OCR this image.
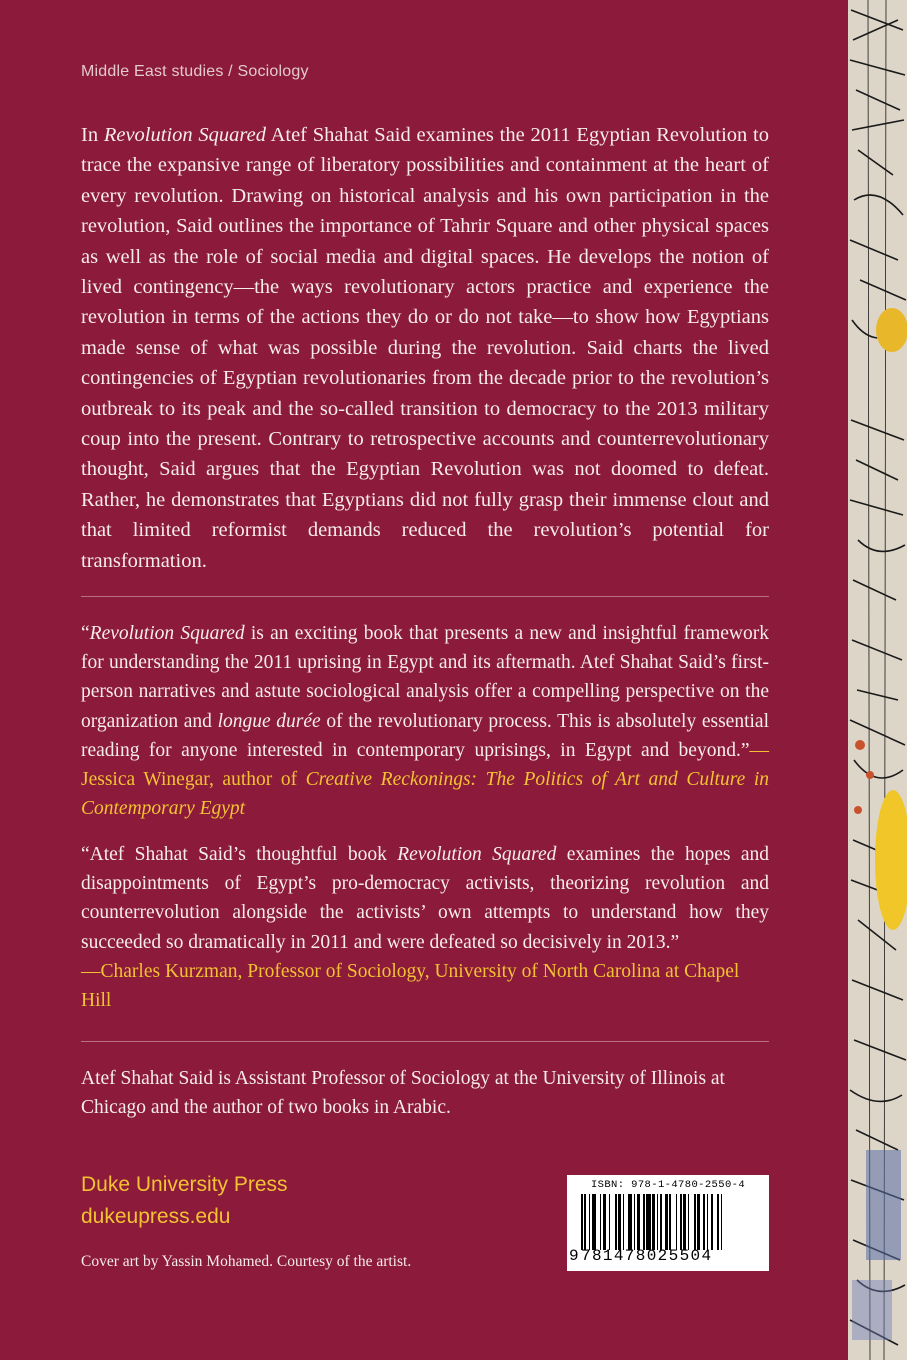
Middle East studies / Sociology

In Revolution Squared Atef Shahat Said examines the 2011 Egyptian Revolution to trace the expansive range of liberatory possibilities and containment at the heart of every revolution. Drawing on historical analysis and his own participation in the revolution, Said outlines the importance of Tahrir Square and other physical spaces as well as the role of social media and digital spaces. He develops the notion of lived contingency—the ways revolutionary actors practice and experience the revolution in terms of the actions they do or do not take—to show how Egyptians made sense of what was possible during the revolution. Said charts the lived contingencies of Egyptian revolutionaries from the decade prior to the revolution’s outbreak to its peak and the so-called transition to democracy to the 2013 military coup into the present. Contrary to retrospective accounts and counterrevolutionary thought, Said argues that the Egyptian Revolution was not doomed to defeat. Rather, he demonstrates that Egyptians did not fully grasp their immense clout and that limited reformist demands reduced the revolution’s potential for transformation.

“Revolution Squared is an exciting book that presents a new and insightful framework for understanding the 2011 uprising in Egypt and its aftermath. Atef Shahat Said’s first-person narratives and astute sociological analysis offer a compelling perspective on the organization and longue durée of the revolutionary process. This is absolutely essential reading for anyone interested in contemporary uprisings, in Egypt and beyond.”—Jessica Winegar, author of Creative Reckonings: The Politics of Art and Culture in Contemporary Egypt

“Atef Shahat Said’s thoughtful book Revolution Squared examines the hopes and disappointments of Egypt’s pro-democracy activists, theorizing revolution and counterrevolution alongside the activists’ own attempts to understand how they succeeded so dramatically in 2011 and were defeated so decisively in 2013.”
—Charles Kurzman, Professor of Sociology, University of North Carolina at Chapel Hill

Atef Shahat Said is Assistant Professor of Sociology at the University of Illinois at Chicago and the author of two books in Arabic.

Duke University Press
dukeupress.edu
Cover art by Yassin Mohamed. Courtesy of the artist.
ISBN: 978-1-4780-2550-4
9 781478025504
